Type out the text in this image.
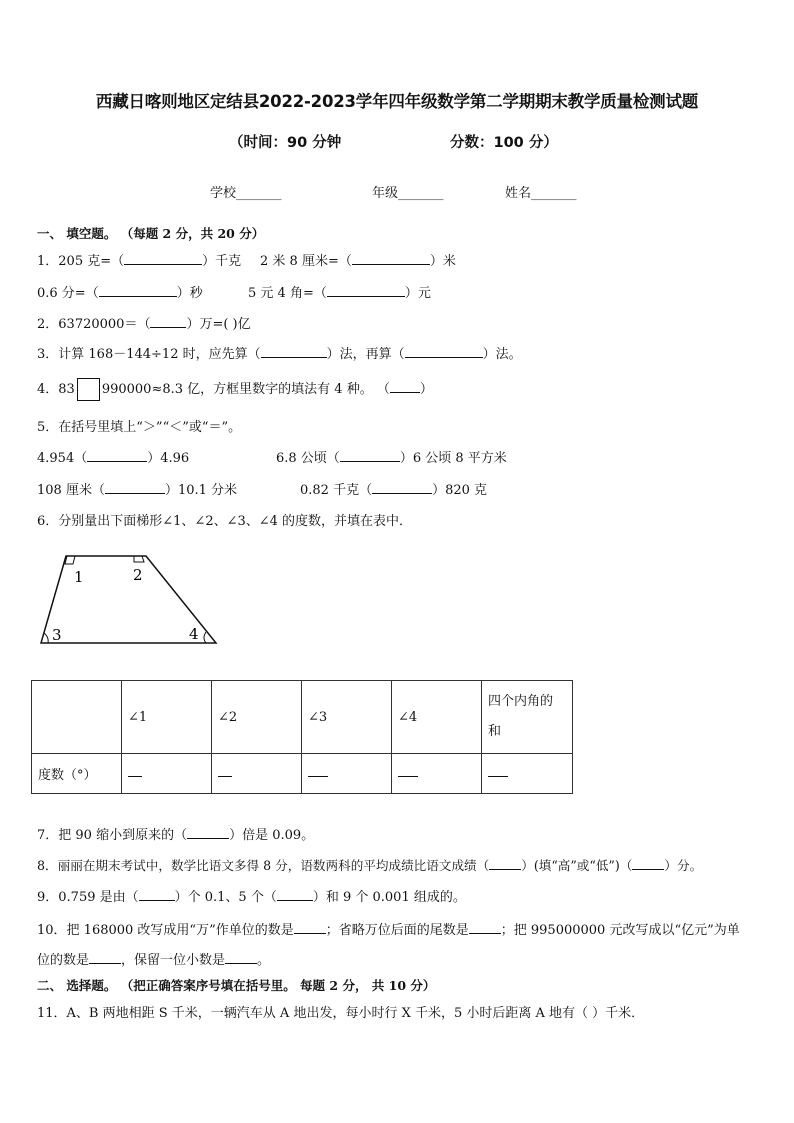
西藏日喀则地区定结县2022-2023学年四年级数学第二学期期末教学质量检测试题
（时间：90 分钟	分数：100 分）
学校_______	年级_______	姓名_______
一、 填空题。 （每题 2 分，共 20 分）
1．205 克=（	）千克 2 米 8 厘米=（	）米
0.6 分=（	）秒	5 元 4 角=（	）元
2．63720000＝（	）万=( )亿
3．计算 168－144÷12 时，应先算（	）法，再算（	）法。
4．83 990000≈8.3 亿，方框里数字的填法有 4 种。 （ ）
5．在括号里填上“＞”“＜”或“＝”。
4.954（	）4.96	6.8 公顷（	）6 公顷 8 平方米
108 厘米（	）10.1 分米	0.82 千克（	）820 克
6．分别量出下面梯形∠1、∠2、∠3、∠4 的度数，并填在表中．
1	2
3	4
	∠1	∠2	∠3	∠4	四个内角的
和
度数（°）					
7．把 90 缩小到原来的（	）倍是 0.09。
8．丽丽在期末考试中，数学比语文多得 8 分，语数两科的平均成绩比语文成绩（	）(填“高”或“低”)（	）分。
9．0.759 是由（	）个 0.1、5 个（	）和 9 个 0.001 组成的。
10．把 168000 改写成用“万”作单位的数是 ；省略万位后面的尾数是 ；把 995000000 元改写成以“亿元”为单
位的数是 ，保留一位小数是 。
二、 选择题。 （把正确答案序号填在括号里。 每题 2 分， 共 10 分）
11．A、B 两地相距 S 千米，一辆汽车从 A 地出发，每小时行 X 千米，5 小时后距离 A 地有（ ）千米．
